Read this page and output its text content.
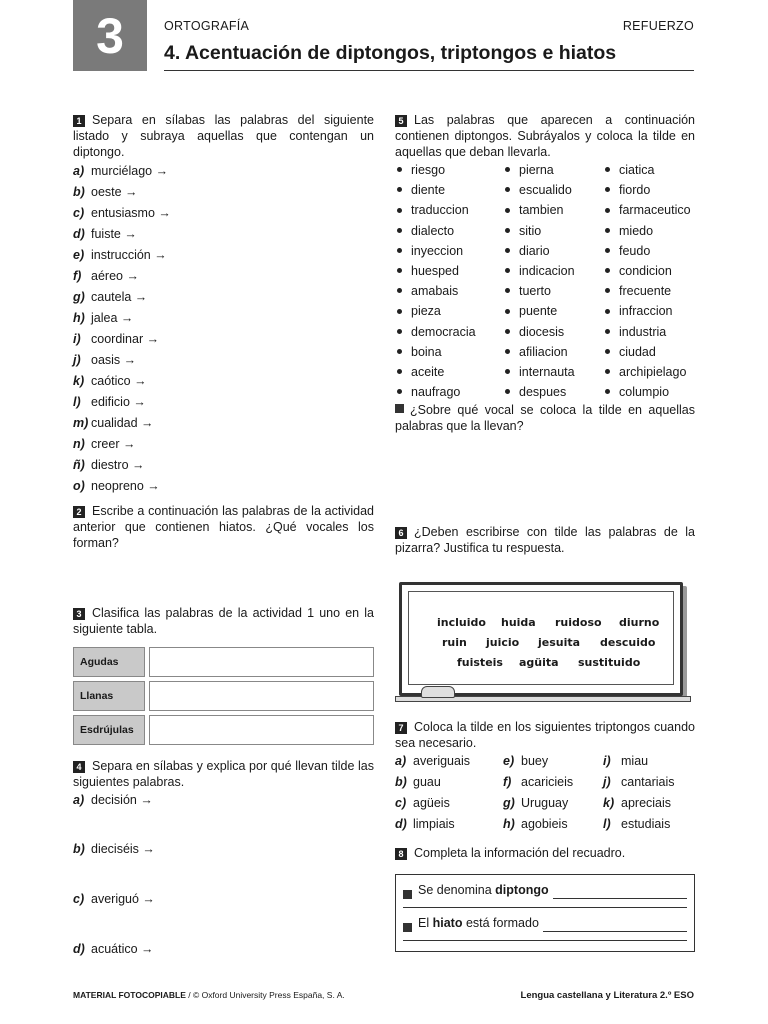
3	ORTOGRAFÍA	REFUERZO
4. Acentuación de diptongos, triptongos e hiatos
1 Separa en sílabas las palabras del siguiente listado y subraya aquellas que contengan un diptongo.
a) murciélago →
b) oeste →
c) entusiasmo →
d) fuiste →
e) instrucción →
f) aéreo →
g) cautela →
h) jalea →
i) coordinar →
j) oasis →
k) caótico →
l) edificio →
m) cualidad →
n) creer →
ñ) diestro →
o) neopreno →
2 Escribe a continuación las palabras de la actividad anterior que contienen hiatos. ¿Qué vocales los forman?
3 Clasifica las palabras de la actividad 1 uno en la siguiente tabla.
Agudas		
Llanas		
Esdrújulas		
4 Separa en sílabas y explica por qué llevan tilde las siguientes palabras.
a) decisión →
b) dieciséis →
c) averiguó →
d) acuático →
5 Las palabras que aparecen a continuación contienen diptongos. Subráyalos y coloca la tilde en aquellas que deban llevarla.
riesgo	pierna	ciatica
diente	escualido	fiordo
traduccion	tambien	farmaceutico
dialecto	sitio	miedo
inyeccion	diario	feudo
huesped	indicacion	condicion
amabais	tuerto	frecuente
pieza	puente	infraccion
democracia	diocesis	industria
boina	afiliacion	ciudad
aceite	internauta	archipielago
naufrago	despues	columpio
¿Sobre qué vocal se coloca la tilde en aquellas palabras que la llevan?
6 ¿Deben escribirse con tilde las palabras de la pizarra? Justifica tu respuesta.
incluido huida ruidoso diurno
ruin juicio jesuita descuido
fuisteis agüita sustituido
7 Coloca la tilde en los siguientes triptongos cuando sea necesario.
a) averiguais	e) buey	i) miau
b) guau	f) acaricieis	j) cantariais
c) agüeis	g) Uruguay	k) apreciais
d) limpiais	h) agobieis	l) estudiais
8 Completa la información del recuadro.
Se denomina
diptongo
El
hiato está formado
MATERIAL FOTOCOPIABLE / © Oxford University Press España, S. A.	Lengua castellana y Literatura 2.º ESO
